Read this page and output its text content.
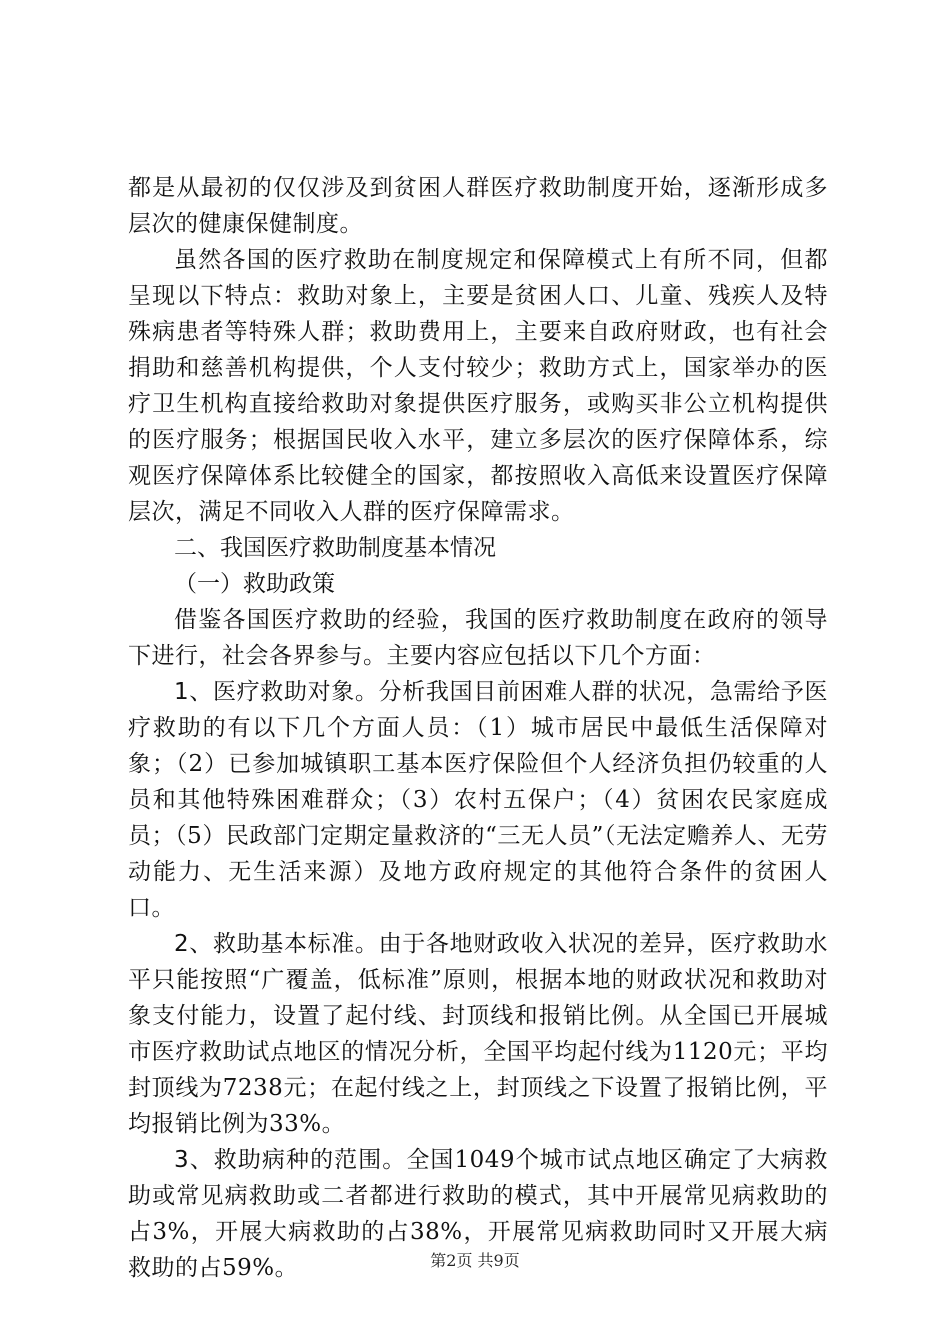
都是从最初的仅仅涉及到贫困人群医疗救助制度开始，逐渐形成多层次的健康保健制度。

虽然各国的医疗救助在制度规定和保障模式上有所不同，但都呈现以下特点：救助对象上，主要是贫困人口、儿童、残疾人及特殊病患者等特殊人群；救助费用上，主要来自政府财政，也有社会捐助和慈善机构提供，个人支付较少；救助方式上，国家举办的医疗卫生机构直接给救助对象提供医疗服务，或购买非公立机构提供的医疗服务；根据国民收入水平，建立多层次的医疗保障体系，综观医疗保障体系比较健全的国家，都按照收入高低来设置医疗保障层次，满足不同收入人群的医疗保障需求。

二、我国医疗救助制度基本情况
（一）救助政策

借鉴各国医疗救助的经验，我国的医疗救助制度在政府的领导下进行，社会各界参与。主要内容应包括以下几个方面：

1、医疗救助对象。分析我国目前困难人群的状况，急需给予医疗救助的有以下几个方面人员：（1）城市居民中最低生活保障对象；（2）已参加城镇职工基本医疗保险但个人经济负担仍较重的人员和其他特殊困难群众；（3）农村五保户；（4）贫困农民家庭成员；（5）民政部门定期定量救济的“三无人员”（无法定赡养人、无劳动能力、无生活来源）及地方政府规定的其他符合条件的贫困人口。

2、救助基本标准。由于各地财政收入状况的差异，医疗救助水平只能按照“广覆盖，低标准”原则，根据本地的财政状况和救助对象支付能力，设置了起付线、封顶线和报销比例。从全国已开展城市医疗救助试点地区的情况分析，全国平均起付线为1120元；平均封顶线为7238元；在起付线之上，封顶线之下设置了报销比例，平均报销比例为33%。

3、救助病种的范围。全国1049个城市试点地区确定了大病救助或常见病救助或二者都进行救助的模式，其中开展常见病救助的占3%，开展大病救助的占38%，开展常见病救助同时又开展大病救助的占59%。	第2页 共9页
